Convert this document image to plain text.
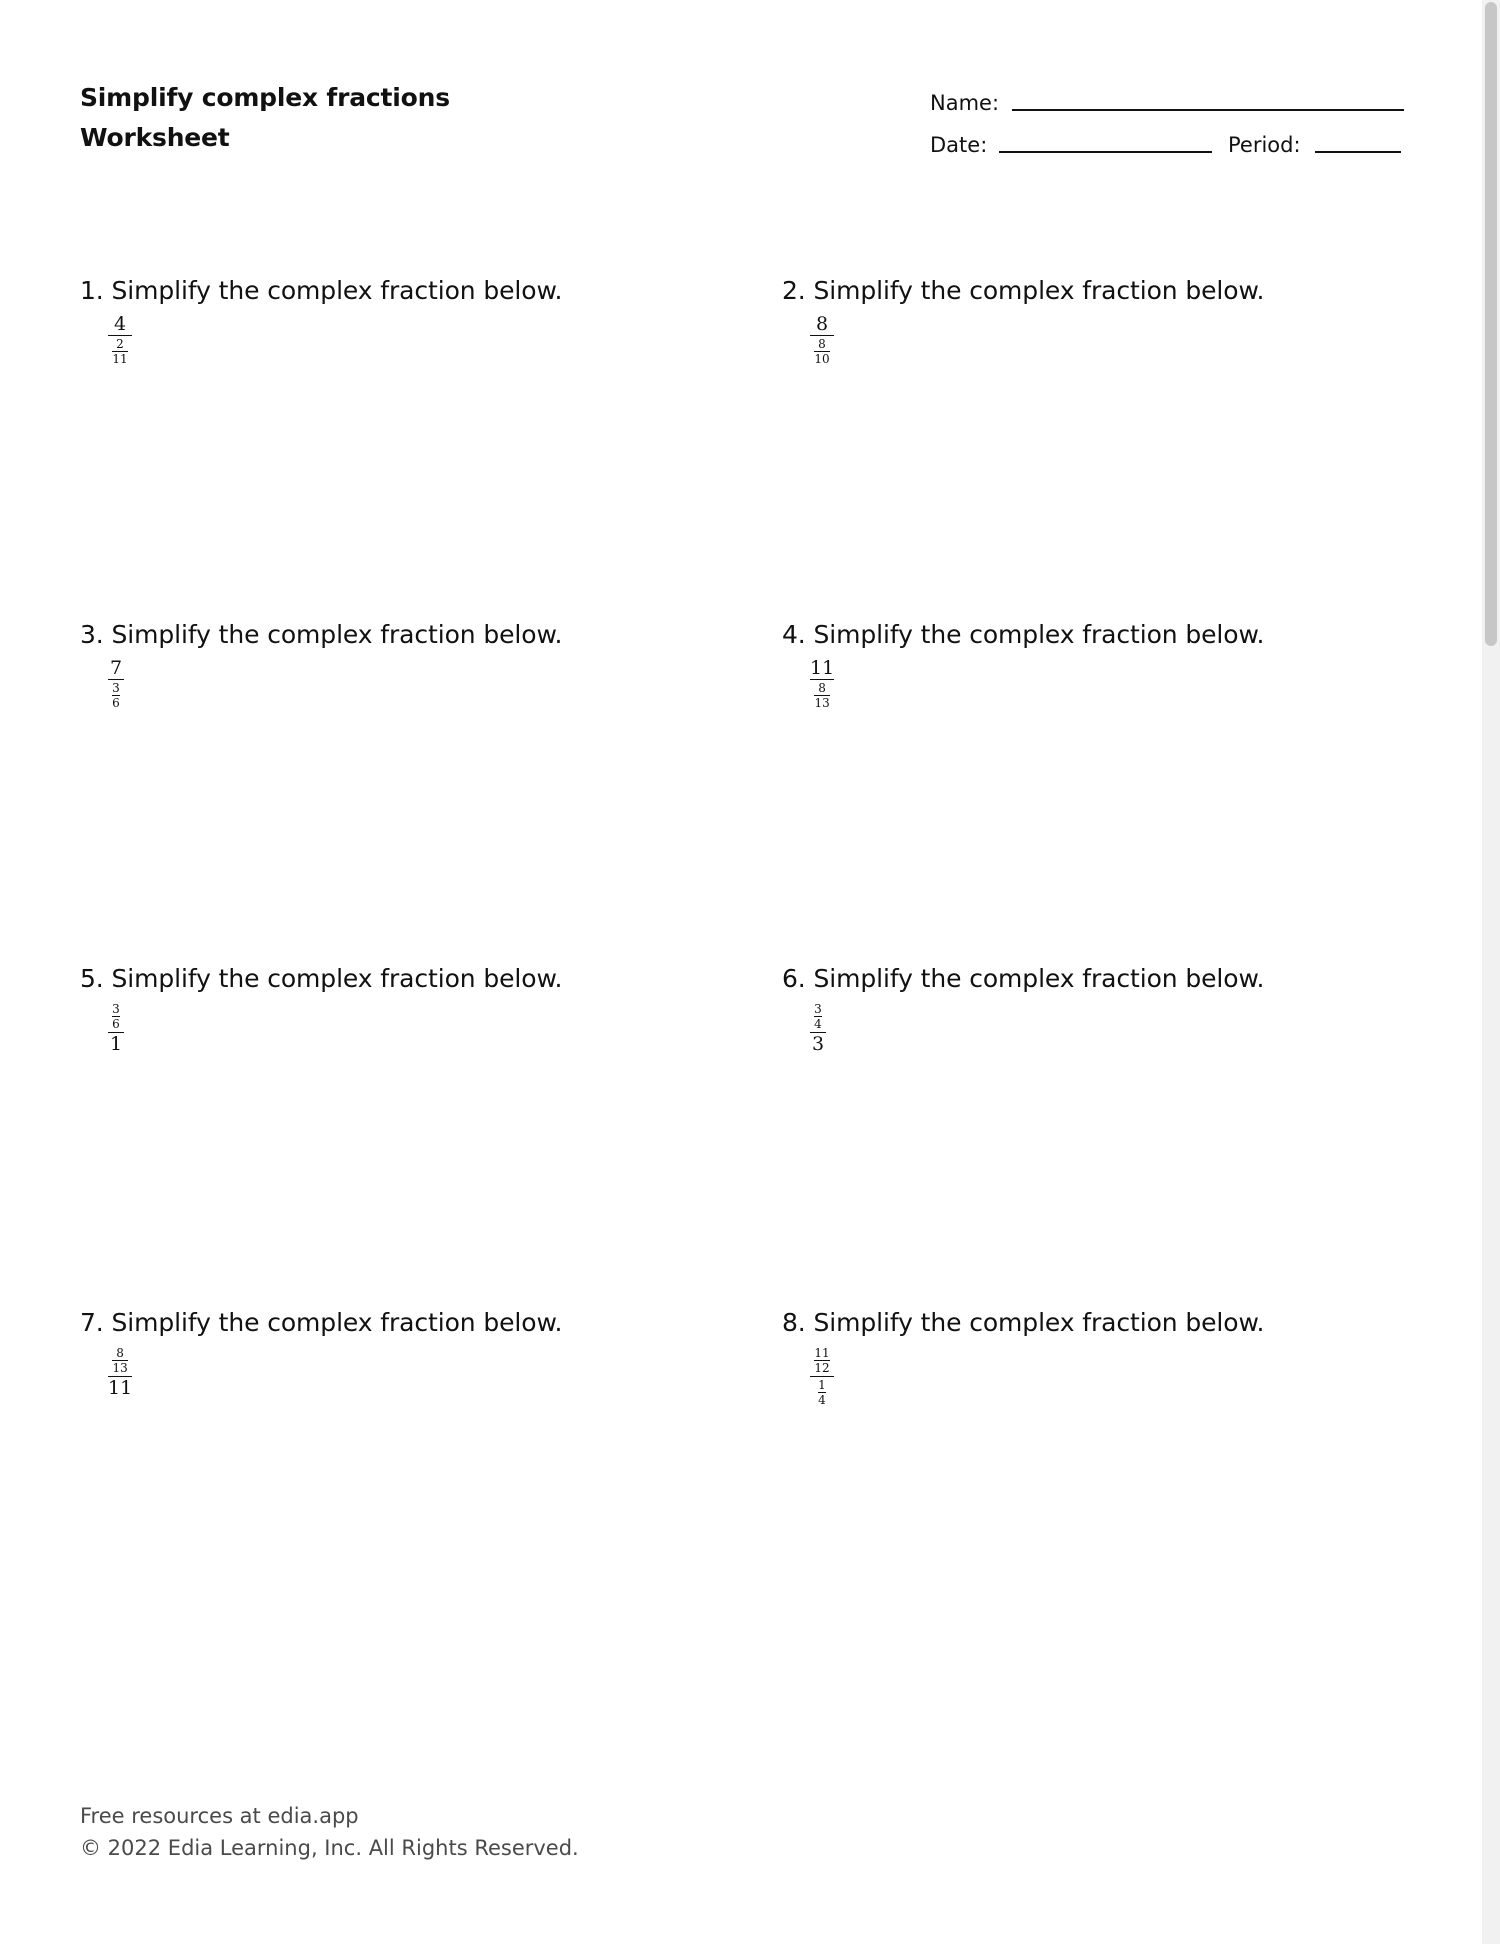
Simplify complex fractions

Worksheet

Name:
Date:	Period:
1. Simplify the complex fraction below.
4
2
11
2. Simplify the complex fraction below.
8
8
10
3. Simplify the complex fraction below.
7
3
6
4. Simplify the complex fraction below.
11
8
13
5. Simplify the complex fraction below.
3
6
1
6. Simplify the complex fraction below.
3
4
3
7. Simplify the complex fraction below.
8
13
11
8. Simplify the complex fraction below.
11
12
1
4
Free resources at edia.app
© 2022 Edia Learning, Inc. All Rights Reserved.
